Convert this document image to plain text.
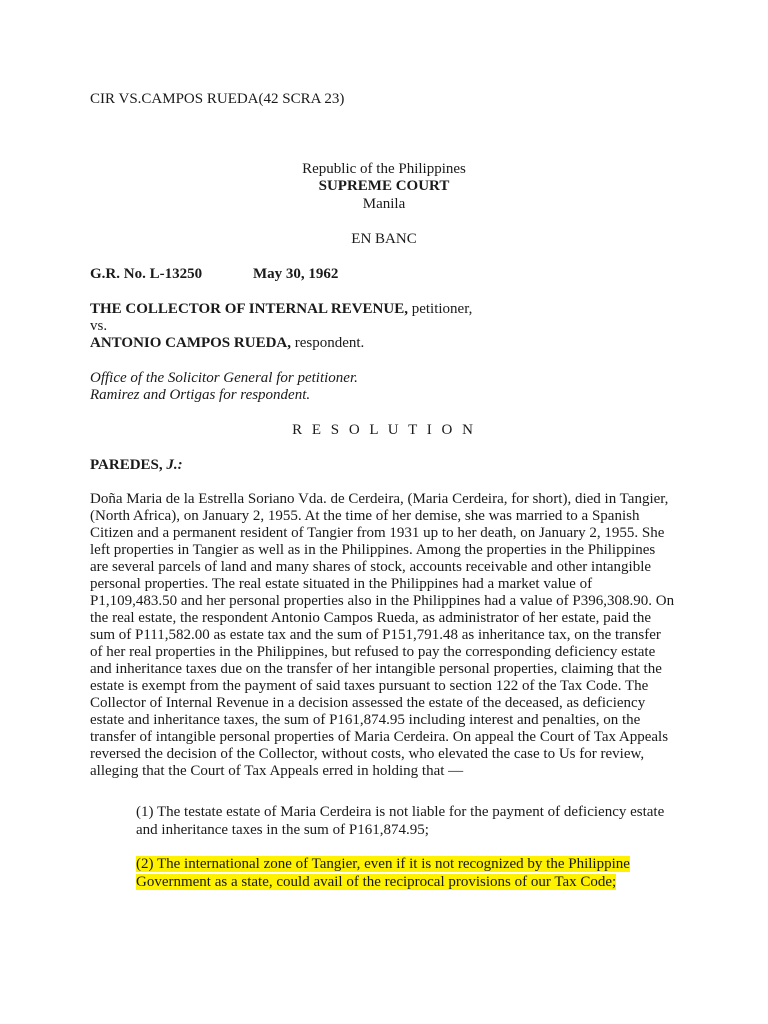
CIR VS.CAMPOS RUEDA(42 SCRA 23)
Republic of the Philippines
SUPREME COURT
Manila
EN BANC
G.R. No. L-13250	May 30, 1962
THE COLLECTOR OF INTERNAL REVENUE, petitioner,
vs.
ANTONIO CAMPOS RUEDA, respondent.
Office of the Solicitor General for petitioner.
Ramirez and Ortigas for respondent.
R E S O L U T I O N
PAREDES, J.:
Doña Maria de la Estrella Soriano Vda. de Cerdeira, (Maria Cerdeira, for short), died in Tangier,
(North Africa), on January 2, 1955. At the time of her demise, she was married to a Spanish
Citizen and a permanent resident of Tangier from 1931 up to her death, on January 2, 1955. She
left properties in Tangier as well as in the Philippines. Among the properties in the Philippines
are several parcels of land and many shares of stock, accounts receivable and other intangible
personal properties. The real estate situated in the Philippines had a market value of
P1,109,483.50 and her personal properties also in the Philippines had a value of P396,308.90. On
the real estate, the respondent Antonio Campos Rueda, as administrator of her estate, paid the
sum of P111,582.00 as estate tax and the sum of P151,791.48 as inheritance tax, on the transfer
of her real properties in the Philippines, but refused to pay the corresponding deficiency estate
and inheritance taxes due on the transfer of her intangible personal properties, claiming that the
estate is exempt from the payment of said taxes pursuant to section 122 of the Tax Code. The
Collector of Internal Revenue in a decision assessed the estate of the deceased, as deficiency
estate and inheritance taxes, the sum of P161,874.95 including interest and penalties, on the
transfer of intangible personal properties of Maria Cerdeira. On appeal the Court of Tax Appeals
reversed the decision of the Collector, without costs, who elevated the case to Us for review,
alleging that the Court of Tax Appeals erred in holding that —
(1) The testate estate of Maria Cerdeira is not liable for the payment of deficiency estate
and inheritance taxes in the sum of P161,874.95;
(2) The international zone of Tangier, even if it is not recognized by the Philippine
Government as a state, could avail of the reciprocal provisions of our Tax Code;
